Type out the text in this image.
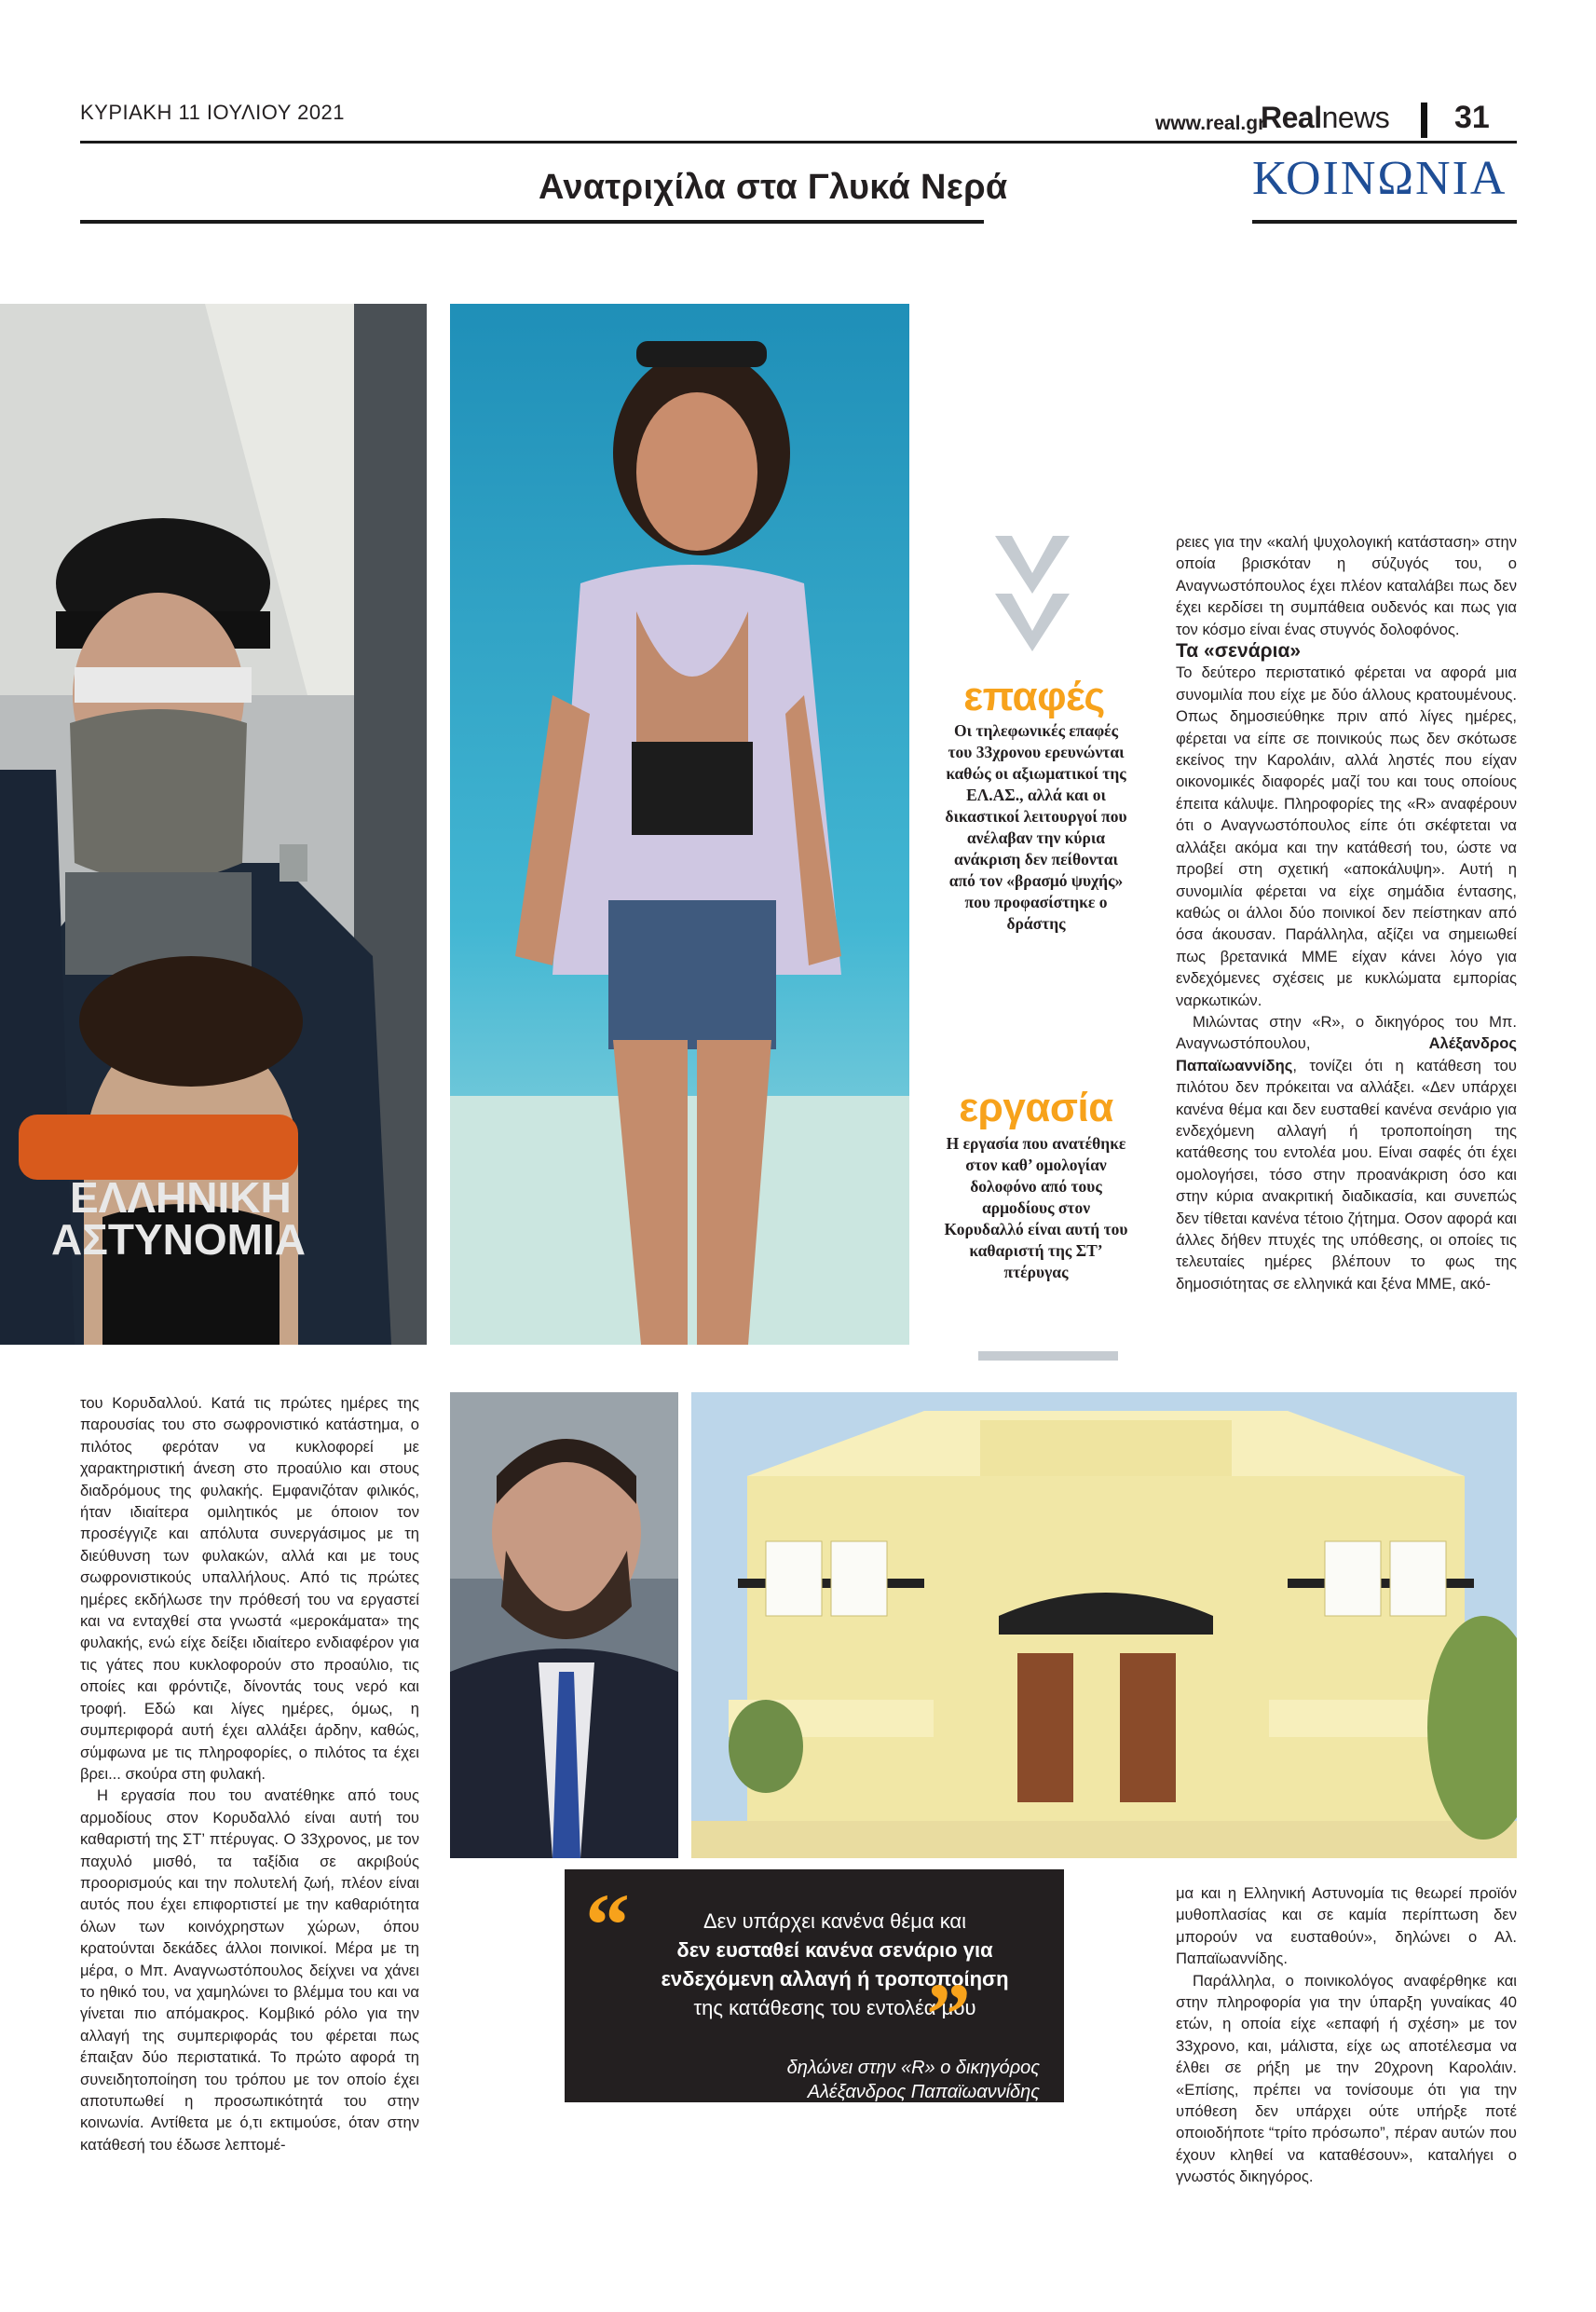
ΚΥΡΙΑΚΗ 11 ΙΟΥΛΙΟΥ 2021	www.real.gr
Realnews 31
Ανατριχίλα στα Γλυκά Νερά	ΚΟΙΝΩΝΙΑ
ΕΛΛΗΝΙΚΗ
ΑΣΤΥΝΟΜΙΑ
επαφές
Οι τηλεφωνικές επαφές του 33χρονου ερευνώνται καθώς οι αξιωματικοί της ΕΛ.ΑΣ., αλλά και οι δικαστικοί λειτουργοί που ανέλαβαν την κύρια ανάκριση δεν πείθονται από τον «βρασμό ψυχής» που προφασίστηκε ο δράστης
εργασία
Η εργασία που ανατέθηκε στον καθ’ ομολογίαν δολοφόνο από τους αρμοδίους στον Κορυδαλλό είναι αυτή του καθαριστή της ΣΤ’ πτέρυγας

ρειες για την «καλή ψυχολογική κατάσταση» στην οποία βρισκόταν η σύζυγός του, ο Αναγνωστόπουλος έχει πλέον καταλάβει πως δεν έχει κερδίσει τη συμπάθεια ουδενός και πως για τον κόσμο είναι ένας στυγνός δολοφόνος.

Τα «σενάρια»

Το δεύτερο περιστατικό φέρεται να αφορά μια συνομιλία που είχε με δύο άλλους κρατουμένους. Οπως δημοσιεύθηκε πριν από λίγες ημέρες, φέρεται να είπε σε ποινικούς πως δεν σκότωσε εκείνος την Καρολάιν, αλλά ληστές που είχαν οικονομικές διαφορές μαζί του και τους οποίους έπειτα κάλυψε. Πληροφορίες της «R» αναφέρουν ότι ο Αναγνωστόπουλος είπε ότι σκέφτεται να αλλάξει ακόμα και την κατάθεσή του, ώστε να προβεί στη σχετική «αποκάλυψη». Αυτή η συνομιλία φέρεται να είχε σημάδια έντασης, καθώς οι άλλοι δύο ποινικοί δεν πείστηκαν από όσα άκουσαν. Παράλληλα, αξίζει να σημειωθεί πως βρετανικά ΜΜΕ είχαν κάνει λόγο για ενδεχόμενες σχέσεις με κυκλώματα εμπορίας ναρκωτικών.

Μιλώντας στην «R», ο δικηγόρος του Μπ. Αναγνωστόπουλου, Αλέξανδρος Παπαϊωαννίδης, τονίζει ότι η κατάθεση του πιλότου δεν πρόκειται να αλλάξει. «Δεν υπάρχει κανένα θέμα και δεν ευσταθεί κανένα σενάριο για ενδεχόμενη αλλαγή ή τροποποίηση της κατάθεσης του εντολέα μου. Είναι σαφές ότι έχει ομολογήσει, τόσο στην προανάκριση όσο και στην κύρια ανακριτική διαδικασία, και συνεπώς δεν τίθεται κανένα τέτοιο ζήτημα. Οσον αφορά και άλλες δήθεν πτυχές της υπόθεσης, οι οποίες τις τελευταίες ημέρες βλέπουν το φως της δημοσιότητας σε ελληνικά και ξένα ΜΜΕ, ακό-

του Κορυδαλλού. Κατά τις πρώτες ημέρες της παρουσίας του στο σωφρονιστικό κατάστημα, ο πιλότος φερόταν να κυκλοφορεί με χαρακτηριστική άνεση στο προαύλιο και στους διαδρόμους της φυλακής. Εμφανιζόταν φιλικός, ήταν ιδιαίτερα ομιλητικός με όποιον τον προσέγγιζε και απόλυτα συνεργάσιμος με τη διεύθυνση των φυλακών, αλλά και με τους σωφρονιστικούς υπαλλήλους. Από τις πρώτες ημέρες εκδήλωσε την πρόθεσή του να εργαστεί και να ενταχθεί στα γνωστά «μεροκάματα» της φυλακής, ενώ είχε δείξει ιδιαίτερο ενδιαφέρον για τις γάτες που κυκλοφορούν στο προαύλιο, τις οποίες και φρόντιζε, δίνοντάς τους νερό και τροφή. Εδώ και λίγες ημέρες, όμως, η συμπεριφορά αυτή έχει αλλάξει άρδην, καθώς, σύμφωνα με τις πληροφορίες, ο πιλότος τα έχει βρει... σκούρα στη φυλακή.

Η εργασία που του ανατέθηκε από τους αρμοδίους στον Κορυδαλλό είναι αυτή του καθαριστή της ΣΤ’ πτέρυγας. Ο 33χρονος, με τον παχυλό μισθό, τα ταξίδια σε ακριβούς προορισμούς και την πολυτελή ζωή, πλέον είναι αυτός που έχει επιφορτιστεί με την καθαριότητα όλων των κοινόχρηστων χώρων, όπου κρατούνται δεκάδες άλλοι ποινικοί. Μέρα με τη μέρα, ο Μπ. Αναγνωστόπουλος δείχνει να χάνει το ηθικό του, να χαμηλώνει το βλέμμα του και να γίνεται πιο απόμακρος. Κομβικό ρόλο για την αλλαγή της συμπεριφοράς του φέρεται πως έπαιξαν δύο περιστατικά. Το πρώτο αφορά τη συνειδητοποίηση του τρόπου με τον οποίο έχει αποτυπωθεί η προσωπικότητά του στην κοινωνία. Αντίθετα με ό,τι εκτιμούσε, όταν στην κατάθεσή του έδωσε λεπτομέ-

“	Δεν υπάρχει κανένα θέμα και
δεν ευσταθεί κανένα σενάριο για
ενδεχόμενη αλλαγή ή τροποποίηση
της κατάθεσης του εντολέα μου
”
δηλώνει στην «R» ο δικηγόρος
Αλέξανδρος Παπαϊωαννίδης

μα και η Ελληνική Αστυνομία τις θεωρεί προϊόν μυθοπλασίας και σε καμία περίπτωση δεν μπορούν να ευσταθούν», δηλώνει ο Αλ. Παπαϊωαννίδης.

Παράλληλα, ο ποινικολόγος αναφέρθηκε και στην πληροφορία για την ύπαρξη γυναίκας 40 ετών, η οποία είχε «επαφή ή σχέση» με τον 33χρονο, και, μάλιστα, είχε ως αποτέλεσμα να έλθει σε ρήξη με την 20χρονη Καρολάιν. «Επίσης, πρέπει να τονίσουμε ότι για την υπόθεση δεν υπάρχει ούτε υπήρξε ποτέ οποιοδήποτε “τρίτο πρόσωπο”, πέραν αυτών που έχουν κληθεί να καταθέσουν», καταλήγει ο γνωστός δικηγόρος.
